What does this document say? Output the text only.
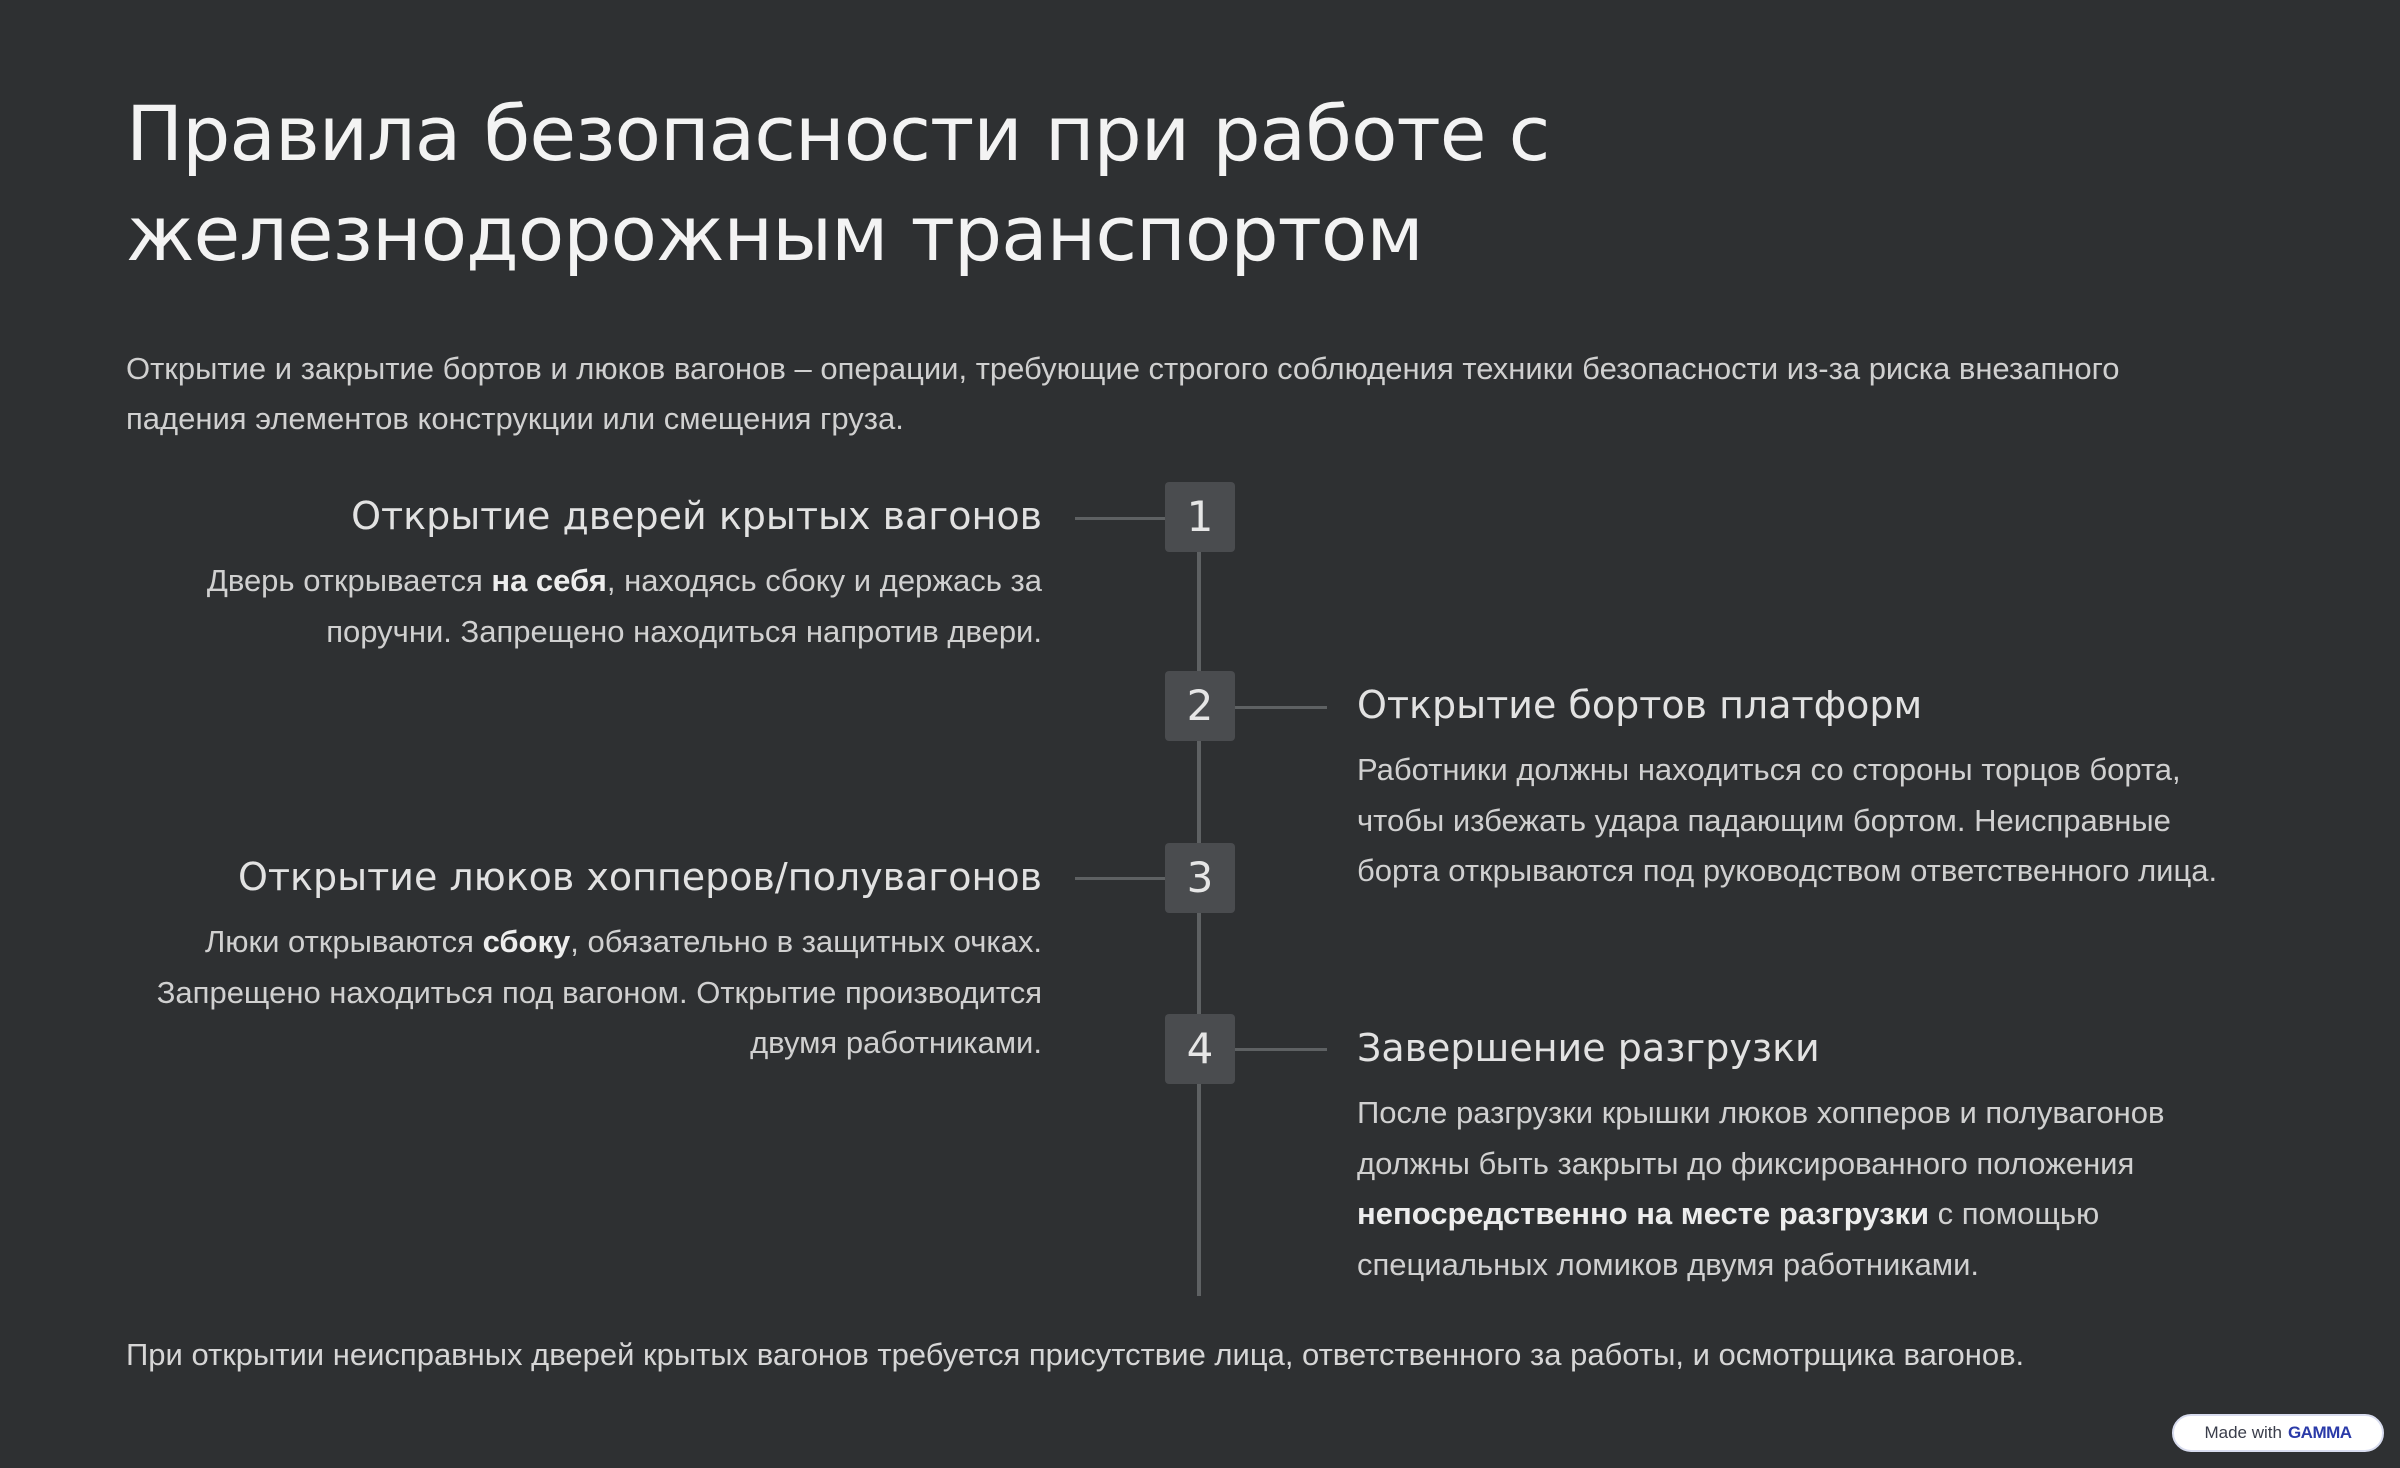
Правила безопасности при работе с железнодорожным транспортом

Открытие и закрытие бортов и люков вагонов – операции, требующие строгого соблюдения техники безопасности из-за риска внезапного падения элементов конструкции или смещения груза.

1
2
3
4
Открытие дверей крытых вагонов

Дверь открывается на себя, находясь сбоку и держась за поручни. Запрещено находиться напротив двери.

Открытие бортов платформ

Работники должны находиться со стороны торцов борта, чтобы избежать удара падающим бортом. Неисправные борта открываются под руководством ответственного лица.

Открытие люков хопперов/полувагонов

Люки открываются сбоку, обязательно в защитных очках. Запрещено находиться под вагоном. Открытие производится двумя работниками.	Завершение разгрузки

После разгрузки крышки люков хопперов и полувагонов должны быть закрыты до фиксированного положения непосредственно на месте разгрузки с помощью специальных ломиков двумя работниками.

При открытии неисправных дверей крытых вагонов требуется присутствие лица, ответственного за работы, и осмотрщика вагонов.

Made with GAMMA
